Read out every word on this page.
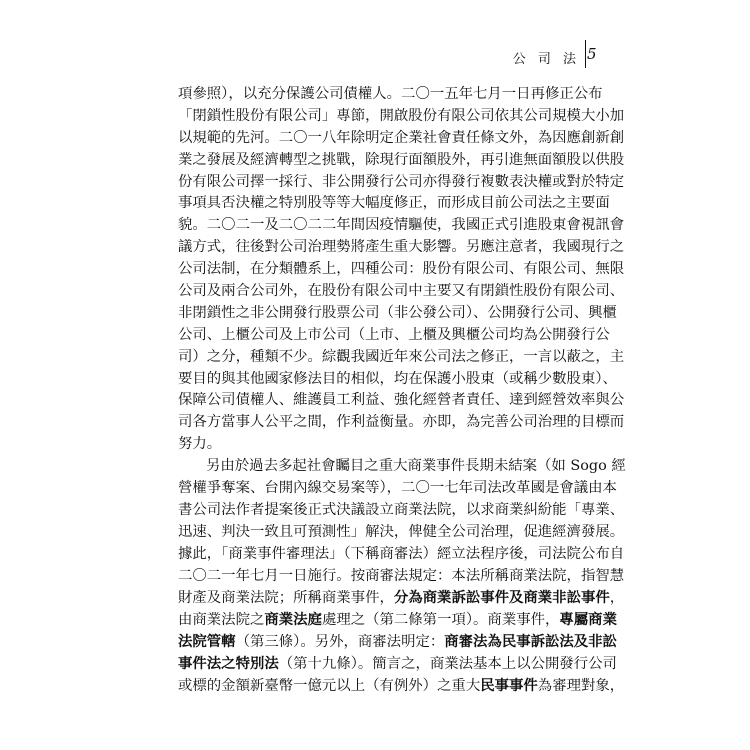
公 司 法 5
項參照），以充分保護公司債權人。二〇一五年七月一日再修正公布
「閉鎖性股份有限公司」專節，開啟股份有限公司依其公司規模大小加
以規範的先河。二〇一八年除明定企業社會責任條文外，為因應創新創
業之發展及經濟轉型之挑戰，除現行面額股外，再引進無面額股以供股
份有限公司擇一採行、非公開發行公司亦得發行複數表決權或對於特定
事項具否決權之特別股等等大幅度修正，而形成目前公司法之主要面
貌。二〇二一及二〇二二年間因疫情驅使，我國正式引進股東會視訊會
議方式，往後對公司治理勢將產生重大影響。另應注意者，我國現行之
公司法制，在分類體系上，四種公司：股份有限公司、有限公司、無限
公司及兩合公司外，在股份有限公司中主要又有閉鎖性股份有限公司、
非閉鎖性之非公開發行股票公司（非公發公司）、公開發行公司、興櫃
公司、上櫃公司及上市公司（上市、上櫃及興櫃公司均為公開發行公
司）之分，種類不少。綜觀我國近年來公司法之修正，一言以蔽之，主
要目的與其他國家修法目的相似，均在保護小股東（或稱少數股東）、
保障公司債權人、維護員工利益、強化經營者責任、達到經營效率與公
司各方當事人公平之間，作利益衡量。亦即，為完善公司治理的目標而
努力。
另由於過去多起社會矚目之重大商業事件長期未結案（如 Sogo 經
營權爭奪案、台開內線交易案等），二〇一七年司法改革國是會議由本
書公司法作者提案後正式決議設立商業法院，以求商業糾紛能「專業、
迅速、判決一致且可預測性」解決，俾健全公司治理，促進經濟發展。
據此，「商業事件審理法」（下稱商審法）經立法程序後，司法院公布自
二〇二一年七月一日施行。按商審法規定：本法所稱商業法院，指智慧
財產及商業法院；所稱商業事件，分為商業訴訟事件及商業非訟事件，
由商業法院之商業法庭處理之（第二條第一項）。商業事件，專屬商業
法院管轄（第三條）。另外，商審法明定：商審法為民事訴訟法及非訟
事件法之特別法（第十九條）。簡言之，商業法基本上以公開發行公司
或標的金額新臺幣一億元以上（有例外）之重大民事事件為審理對象，
